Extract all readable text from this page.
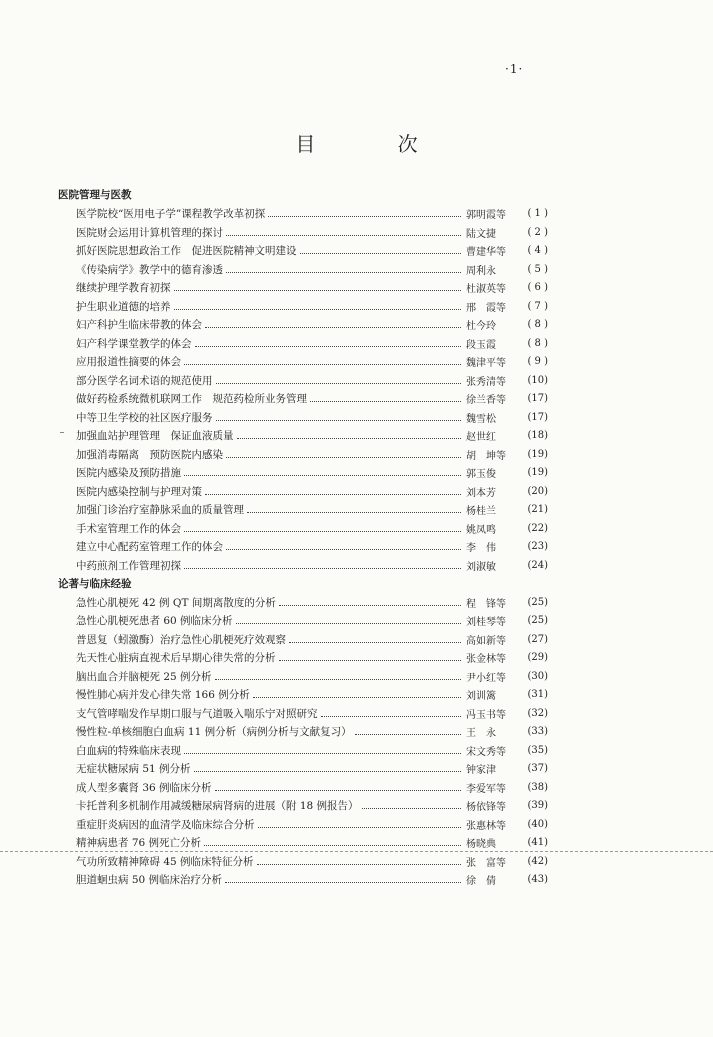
·1·
目 次
医院管理与医教
医学院校“医用电子学”课程教学改革初探	郭明霞等	( 1 )
医院财会运用计算机管理的探讨	陆文捷	( 2 )
抓好医院思想政治工作　促进医院精神文明建设	曹建华等	( 4 )
《传染病学》教学中的德育渗透	周利永	( 5 )
继续护理学教育初探	杜淑英等	( 6 )
护生职业道德的培养	邢　霞等	( 7 )
妇产科护生临床带教的体会	杜今玲	( 8 )
妇产科学课堂教学的体会	段玉霞	( 8 )
应用报道性摘要的体会	魏津平等	( 9 )
部分医学名词术语的规范使用	张秀清等	(10)
做好药检系统微机联网工作　规范药检所业务管理	徐兰香等	(17)
中等卫生学校的社区医疗服务	魏雪松	(17)
加强血站护理管理　保证血液质量	赵世红	(18)
加强消毒隔离　预防医院内感染	胡　坤等	(19)
医院内感染及预防措施	郭玉俊	(19)
医院内感染控制与护理对策	刘本芳	(20)
加强门诊治疗室静脉采血的质量管理	杨桂兰	(21)
手术室管理工作的体会	姚凤鸣	(22)
建立中心配药室管理工作的体会	李　伟	(23)
中药煎剂工作管理初探	刘淑敏	(24)
论著与临床经验
急性心肌梗死 42 例 QT 间期离散度的分析	程　锋等	(25)
急性心肌梗死患者 60 例临床分析	刘桂琴等	(25)
普恩复（蚓激酶）治疗急性心肌梗死疗效观察	高如新等	(27)
先天性心脏病直视术后早期心律失常的分析	张金林等	(29)
脑出血合并脑梗死 25 例分析	尹小红等	(30)
慢性肺心病并发心律失常 166 例分析	刘训篱	(31)
支气管哮喘发作早期口服与气道吸入喘乐宁对照研究	冯玉书等	(32)
慢性粒-单核细胞白血病 11 例分析（病例分析与文献复习）	王　永	(33)
白血病的特殊临床表现	宋文秀等	(35)
无症状糖尿病 51 例分析	钟家津	(37)
成人型多囊肾 36 例临床分析	李爱军等	(38)
卡托普利多机制作用减缓糖尿病肾病的进展（附 18 例报告）	杨依锋等	(39)
重症肝炎病因的血清学及临床综合分析	张惠林等	(40)
精神病患者 76 例死亡分析	杨晓典	(41)
气功所致精神障碍 45 例临床特征分析	张　富等	(42)
胆道蛔虫病 50 例临床治疗分析	徐　倩	(43)
